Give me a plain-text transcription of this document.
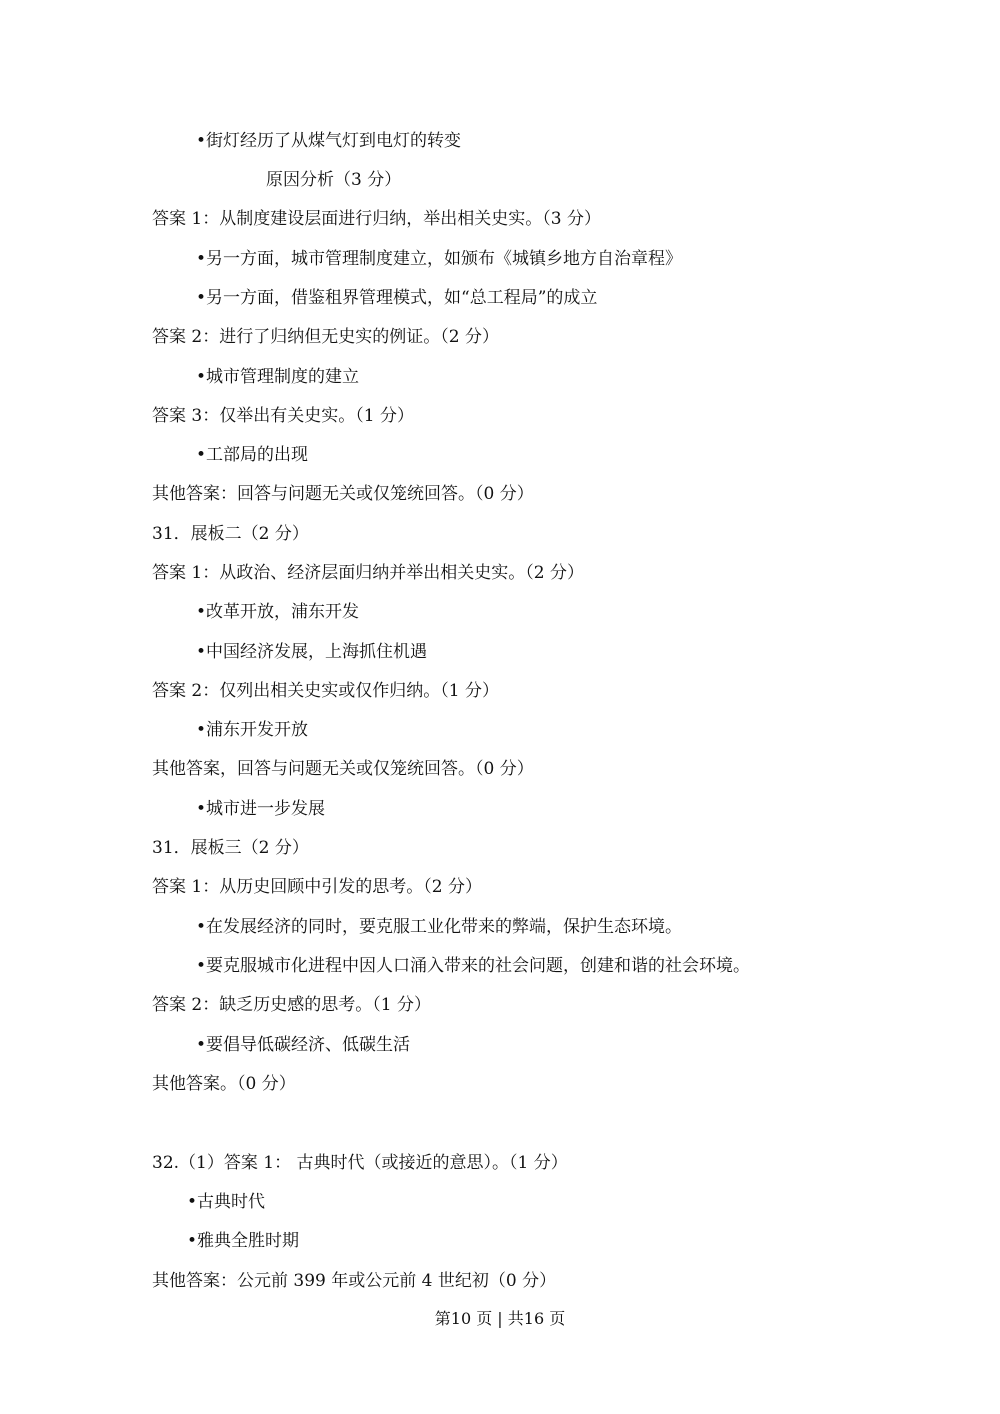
•街灯经历了从煤气灯到电灯的转变
原因分析（3 分）
答案 1：从制度建设层面进行归纳，举出相关史实。（3 分）
•另一方面，城市管理制度建立，如颁布《城镇乡地方自治章程》
•另一方面，借鉴租界管理模式，如“总工程局”的成立
答案 2：进行了归纳但无史实的例证。（2 分）
•城市管理制度的建立
答案 3：仅举出有关史实。（1 分）
•工部局的出现
其他答案：回答与问题无关或仅笼统回答。（0 分）
31．展板二（2 分）
答案 1：从政治、经济层面归纳并举出相关史实。（2 分）
•改革开放，浦东开发
•中国经济发展，上海抓住机遇
答案 2：仅列出相关史实或仅作归纳。（1 分）
•浦东开发开放
其他答案，回答与问题无关或仅笼统回答。（0 分）
•城市进一步发展
31．展板三（2 分）
答案 1：从历史回顾中引发的思考。（2 分）
•在发展经济的同时，要克服工业化带来的弊端，保护生态环境。
•要克服城市化进程中因人口涌入带来的社会问题，创建和谐的社会环境。
答案 2：缺乏历史感的思考。（1 分）
•要倡导低碳经济、低碳生活
其他答案。（0 分）
32.（1）答案 1： 古典时代（或接近的意思）。（1 分）
•古典时代
•雅典全胜时期
其他答案：公元前 399 年或公元前 4 世纪初（0 分）
第10 页 | 共16 页
